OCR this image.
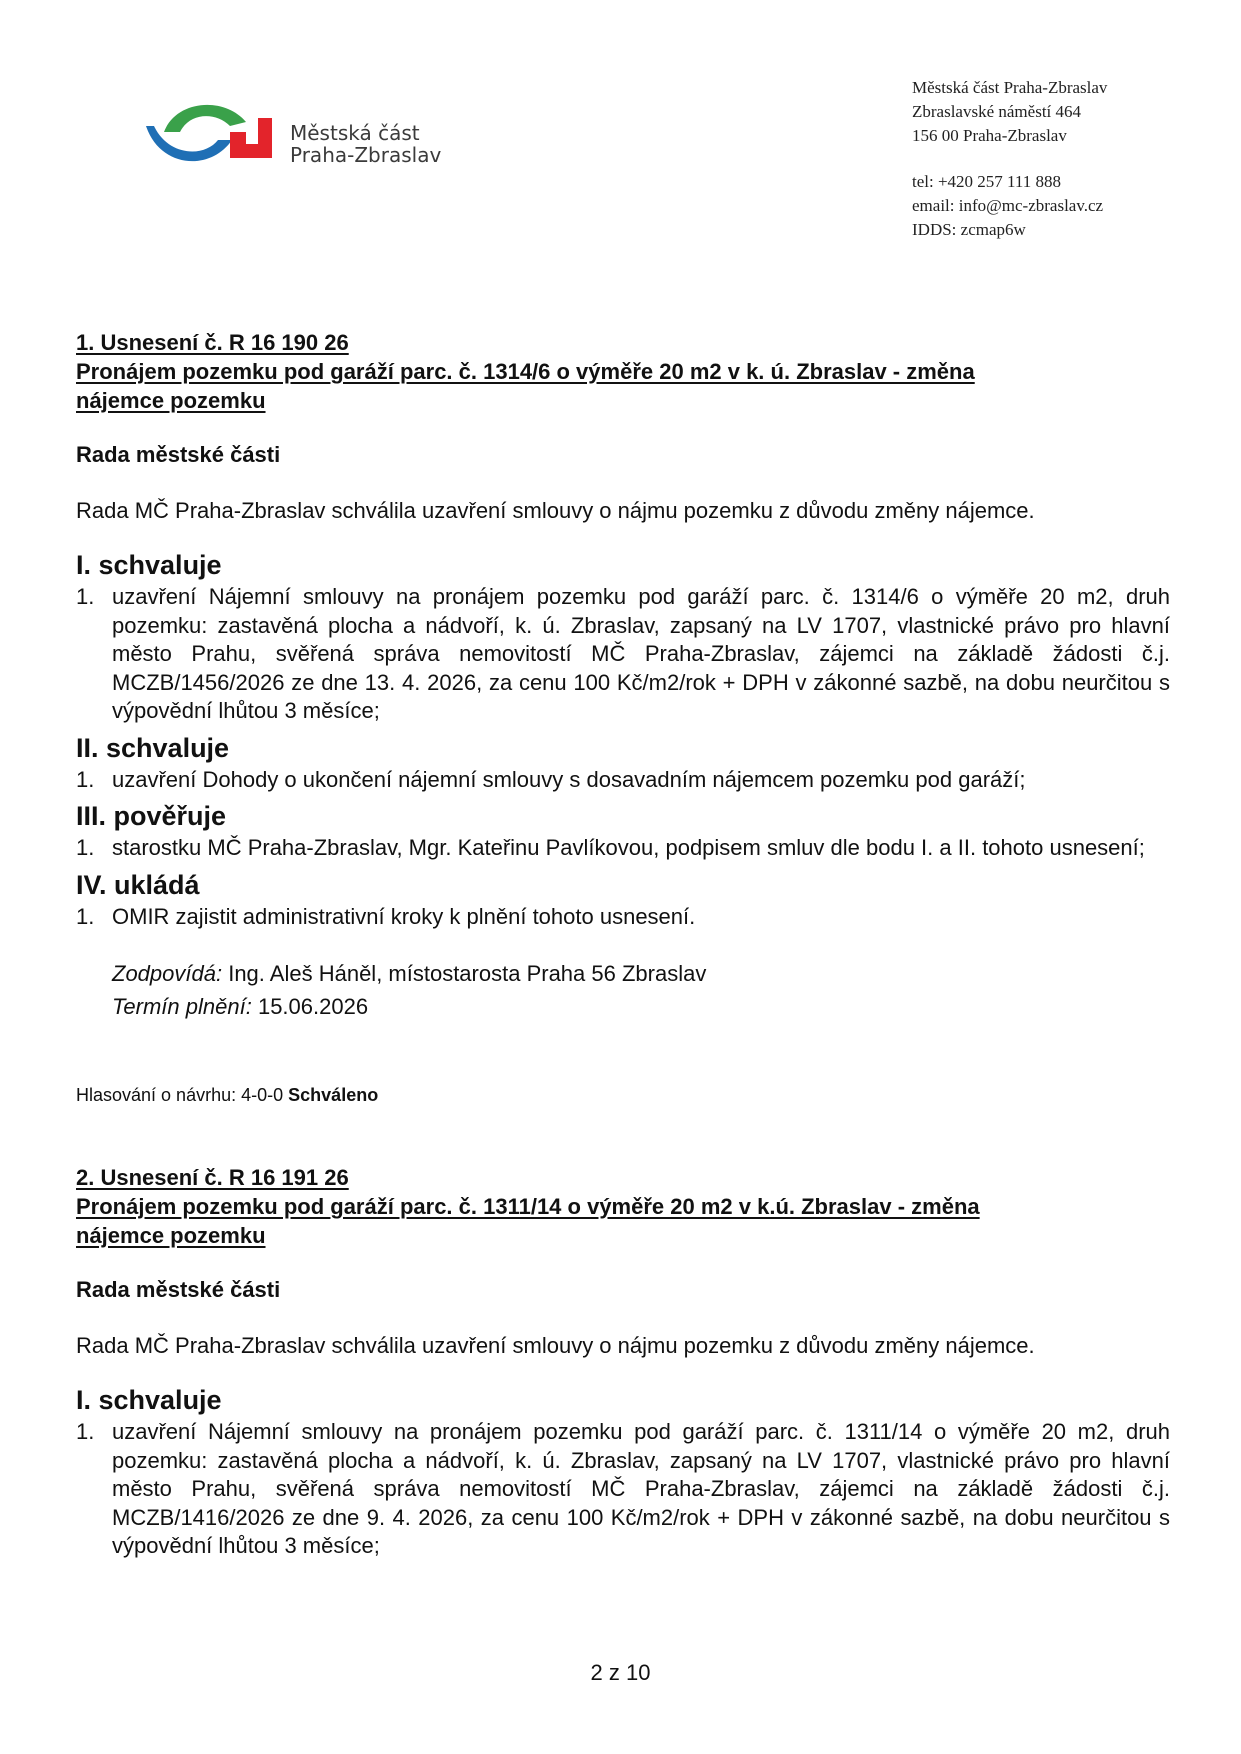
Městská část
Praha-Zbraslav
Městská část Praha-Zbraslav
Zbraslavské náměstí 464
156 00 Praha-Zbraslav
tel: +420 257 111 888
email: info@mc-zbraslav.cz
IDDS: zcmap6w

1. Usnesení č. R 16 190 26

Pronájem pozemku pod garáží parc. č. 1314/6 o výměře 20 m2 v k. ú. Zbraslav - změna

nájemce pozemku

Rada městské části
Rada MČ Praha-Zbraslav schválila uzavření smlouvy o nájmu pozemku z důvodu změny nájemce.
I. schvaluje
1. uzavření Nájemní smlouvy na pronájem pozemku pod garáží parc. č. 1314/6 o výměře 20 m2, druh pozemku: zastavěná plocha a nádvoří, k. ú. Zbraslav, zapsaný na LV 1707, vlastnické právo pro hlavní město Prahu, svěřená správa nemovitostí MČ Praha-Zbraslav, zájemci na základě žádosti č.j. MCZB/1456/2026 ze dne 13. 4. 2026, za cenu 100 Kč/m2/rok + DPH v zákonné sazbě, na dobu neurčitou s výpovědní lhůtou 3 měsíce;
II. schvaluje
1. uzavření Dohody o ukončení nájemní smlouvy s dosavadním nájemcem pozemku pod garáží;
III. pověřuje
1. starostku MČ Praha-Zbraslav, Mgr. Kateřinu Pavlíkovou, podpisem smluv dle bodu I. a II. tohoto usnesení;
IV. ukládá
1. OMIR zajistit administrativní kroky k plnění tohoto usnesení.
Zodpovídá: Ing. Aleš Háněl, místostarosta Praha 56 Zbraslav
Termín plnění: 15.06.2026
Hlasování o návrhu: 4-0-0 Schváleno

2. Usnesení č. R 16 191 26

Pronájem pozemku pod garáží parc. č. 1311/14 o výměře 20 m2 v k.ú. Zbraslav - změna

nájemce pozemku

Rada městské části
Rada MČ Praha-Zbraslav schválila uzavření smlouvy o nájmu pozemku z důvodu změny nájemce.
I. schvaluje
1. uzavření Nájemní smlouvy na pronájem pozemku pod garáží parc. č. 1311/14 o výměře 20 m2, druh pozemku: zastavěná plocha a nádvoří, k. ú. Zbraslav, zapsaný na LV 1707, vlastnické právo pro hlavní město Prahu, svěřená správa nemovitostí MČ Praha-Zbraslav, zájemci na základě žádosti č.j. MCZB/1416/2026 ze dne 9. 4. 2026, za cenu 100 Kč/m2/rok + DPH v zákonné sazbě, na dobu neurčitou s výpovědní lhůtou 3 měsíce;
2 z 10
